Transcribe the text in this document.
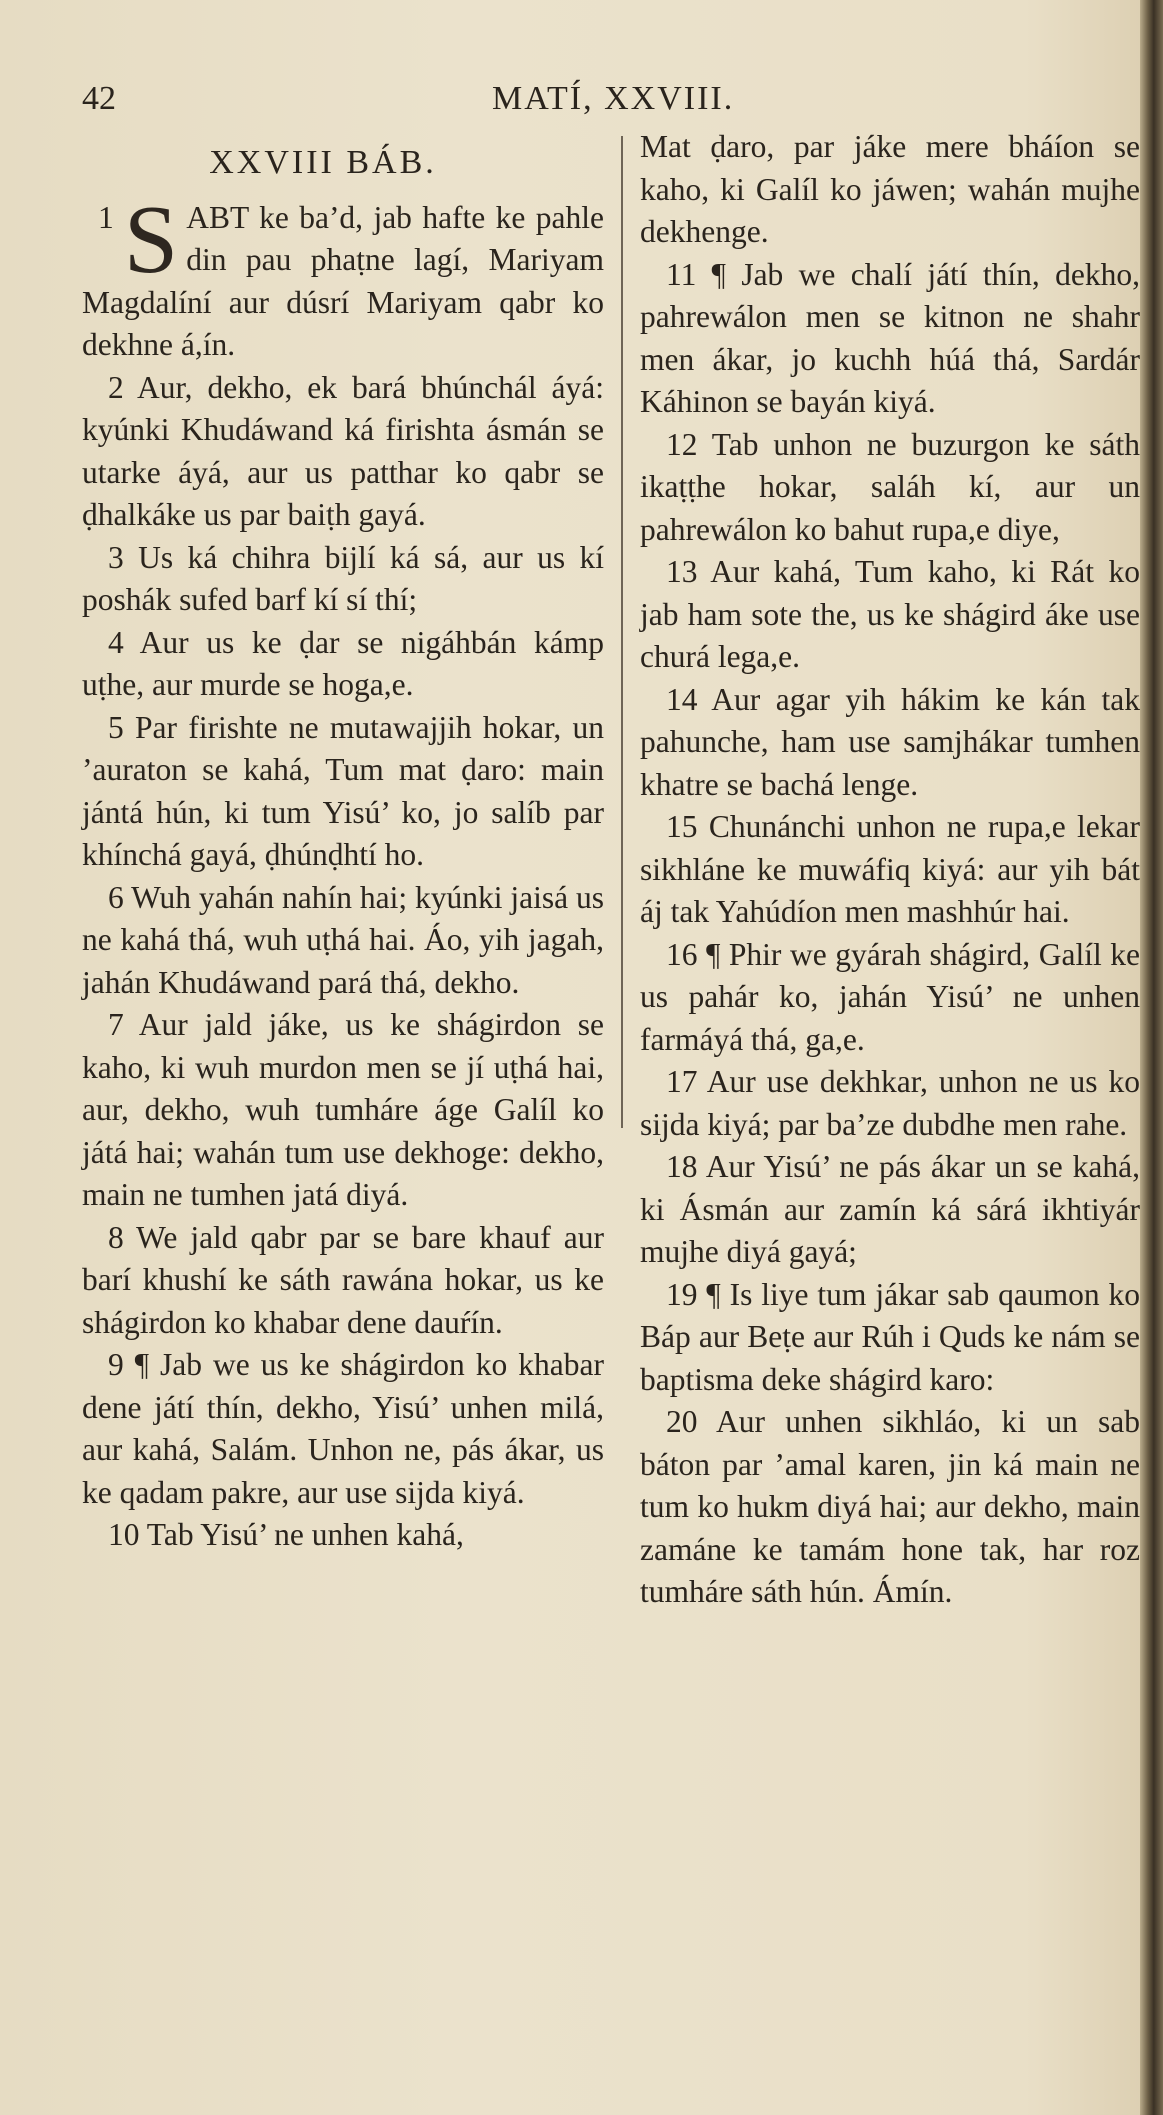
42	MATÍ, XXVIII.
XXVIII BÁB.

1 S ABT ke ba’d, jab hafte ke pahle din pau phaṭne lagí, Mariyam Magdalíní aur dúsrí Mariyam qabr ko dekhne á,ín.

2 Aur, dekho, ek bará bhúnchál áyá: kyúnki Khudáwand ká firishta ásmán se utarke áyá, aur us patthar ko qabr se ḍhalkáke us par baiṭh gayá.

3 Us ká chihra bijlí ká sá, aur us kí poshák sufed barf kí sí thí;

4 Aur us ke ḍar se nigáhbán kámp uṭhe, aur murde se hoga,e.

5 Par firishte ne mutawajjih hokar, un ’auraton se kahá, Tum mat ḍaro: main jántá hún, ki tum Yisú’ ko, jo salíb par khínchá gayá, ḍhúnḍhtí ho.

6 Wuh yahán nahín hai; kyúnki jaisá us ne kahá thá, wuh uṭhá hai. Áo, yih jagah, jahán Khudáwand pará thá, dekho.

7 Aur jald jáke, us ke shágirdon se kaho, ki wuh murdon men se jí uṭhá hai, aur, dekho, wuh tumháre áge Galíl ko játá hai; wahán tum use dekhoge: dekho, main ne tumhen jatá diyá.

8 We jald qabr par se bare khauf aur barí khushí ke sáth rawána hokar, us ke shágirdon ko khabar dene dauŕín.

9 ¶ Jab we us ke shágirdon ko khabar dene játí thín, dekho, Yisú’ unhen milá, aur kahá, Salám. Unhon ne, pás ákar, us ke qadam pakre, aur use sijda kiyá.

10 Tab Yisú’ ne unhen kahá,

Mat ḍaro, par jáke mere bháíon se kaho, ki Galíl ko jáwen; wahán mujhe dekhenge.

11 ¶ Jab we chalí játí thín, dekho, pahrewálon men se kitnon ne shahr men ákar, jo kuchh húá thá, Sardár Káhinon se bayán kiyá.

12 Tab unhon ne buzurgon ke sáth ikaṭṭhe hokar, saláh kí, aur un pahrewálon ko bahut rupa,e diye,

13 Aur kahá, Tum kaho, ki Rát ko jab ham sote the, us ke shágird áke use churá lega,e.

14 Aur agar yih hákim ke kán tak pahunche, ham use samjhákar tumhen khatre se bachá lenge.

15 Chunánchi unhon ne rupa,e lekar sikhláne ke muwáfiq kiyá: aur yih bát áj tak Yahúdíon men mashhúr hai.

16 ¶ Phir we gyárah shágird, Galíl ke us pahár ko, jahán Yisú’ ne unhen farmáyá thá, ga,e.

17 Aur use dekhkar, unhon ne us ko sijda kiyá; par ba’ze dubdhe men rahe.

18 Aur Yisú’ ne pás ákar un se kahá, ki Ásmán aur zamín ká sárá ikhtiyár mujhe diyá gayá;

19 ¶ Is liye tum jákar sab qaumon ko Báp aur Beṭe aur Rúh i Quds ke nám se baptisma deke shágird karo:

20 Aur unhen sikhláo, ki un sab báton par ’amal karen, jin ká main ne tum ko hukm diyá hai; aur dekho, main zamáne ke tamám hone tak, har roz tumháre sáth hún. Ámín.
